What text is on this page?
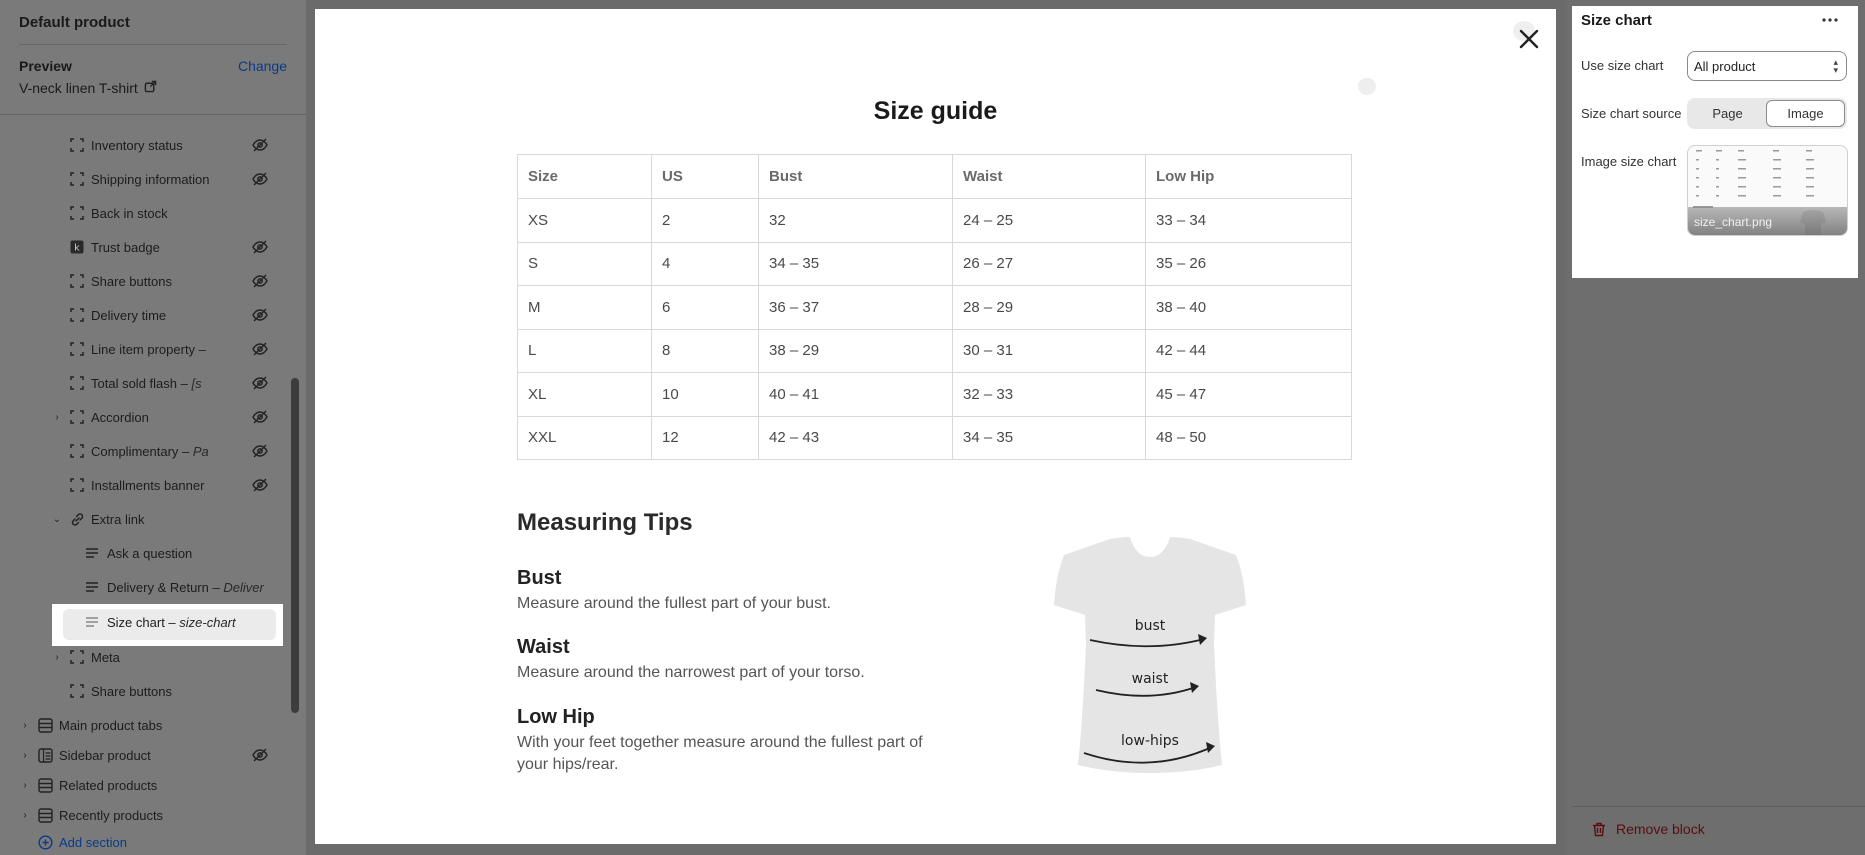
Default product
Preview	Change
V-neck linen T-shirt
Inventory status
Shipping information
Back in stock
k Trust badge
Share buttons
Delivery time
Line item property –
Total sold flash – [s
›	Accordion
Complimentary – Pa
Installments banner
⌄ Extra link
Ask a question
Delivery & Return – Deliver
Size chart – size-chart
›	Meta
Share buttons
›	Main product tabs
›	Sidebar product
›	Related products
›	Recently products
Add section
Size guide
Size	US	Bust	Waist	Low Hip
XS	2	32	24 – 25	33 – 34
S	4	34 – 35	26 – 27	35 – 26
M	6	36 – 37	28 – 29	38 – 40
L	8	38 – 29	30 – 31	42 – 44
XL	10	40 – 41	32 – 33	45 – 47
XXL	12	42 – 43	34 – 35	48 – 50
Measuring Tips
Bust
Measure around the fullest part of your bust.
Waist
Measure around the narrowest part of your torso.
Low Hip
With your feet together measure around the fullest part of your hips/rear.
bust
waist
low-hips
Size chart
Use size chart All product	▴
▾
Size chart source	Page	Image
Image size chart
size_chart.png
Remove block
